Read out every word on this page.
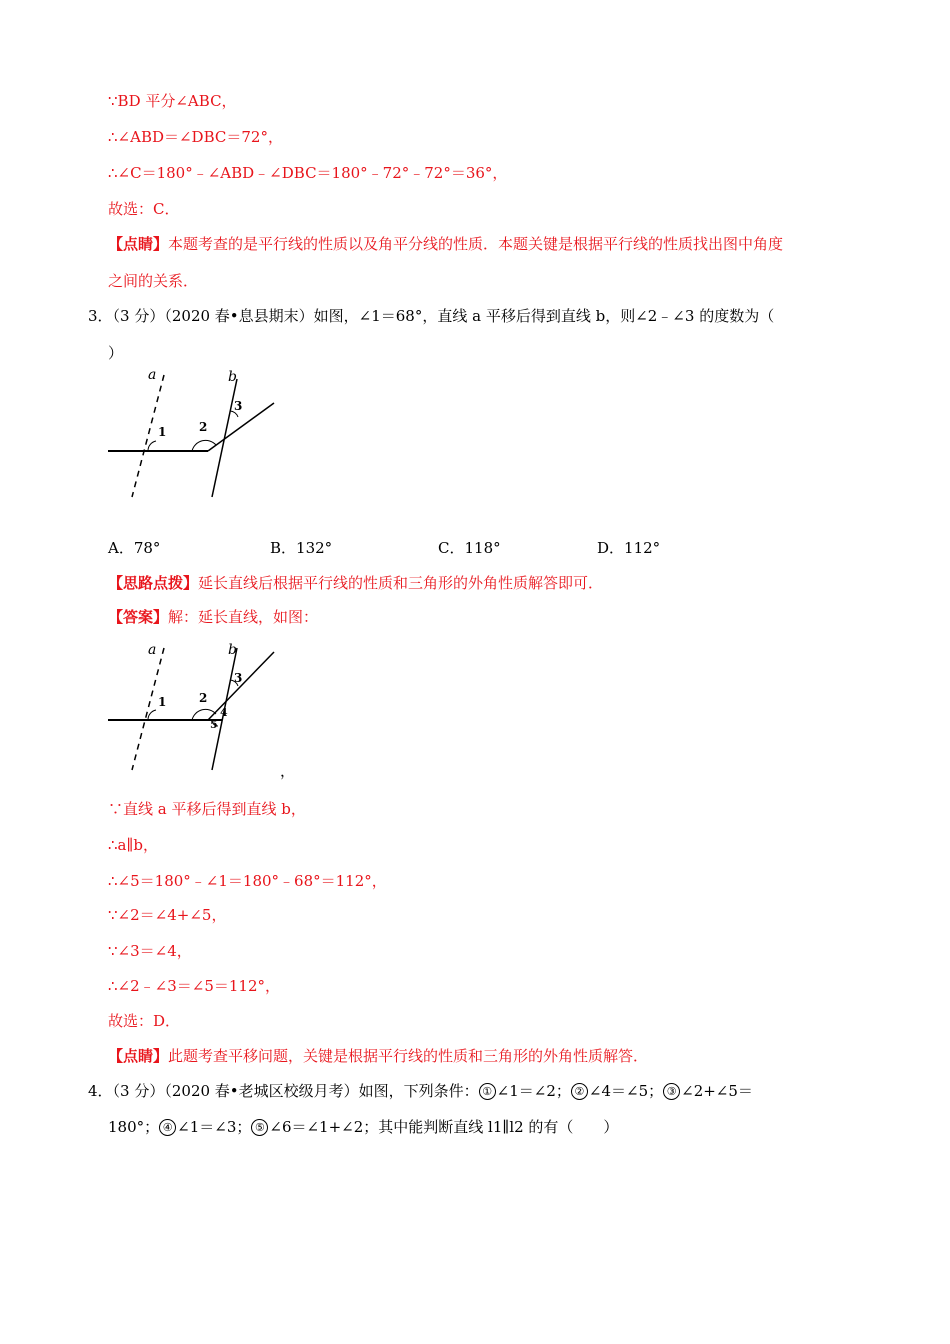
∵BD 平分∠ABC，
∴∠ABD＝∠DBC＝72°，
∴∠C＝180°﹣∠ABD﹣∠DBC＝180°﹣72°﹣72°＝36°，
故选：C．
【点睛】本题考查的是平行线的性质以及角平分线的性质．本题关键是根据平行线的性质找出图中角度
之间的关系．
3．（3 分）（2020 春•息县期末）如图，∠1＝68°，直线 a 平移后得到直线 b，则∠2﹣∠3 的度数为（
）
a	b
1	2
3
A．78°	B．132°	C．118°	D．112°
【思路点拨】延长直线后根据平行线的性质和三角形的外角性质解答即可．
【答案】解：延长直线，如图：
a	b
1	2
3
4
5
，
∵直线 a 平移后得到直线 b，
∴a∥b，
∴∠5＝180°﹣∠1＝180°﹣68°＝112°，
∵∠2＝∠4+∠5，
∵∠3＝∠4，
∴∠2﹣∠3＝∠5＝112°，
故选：D．
【点睛】此题考查平移问题，关键是根据平行线的性质和三角形的外角性质解答．
4．（3 分）（2020 春•老城区校级月考）如图，下列条件： ① ∠1＝∠2； ② ∠4＝∠5； ③ ∠2+∠5＝
180°； ④ ∠1＝∠3； ⑤ ∠6＝∠1+∠2；其中能判断直线 l1∥l2 的有（　　）
